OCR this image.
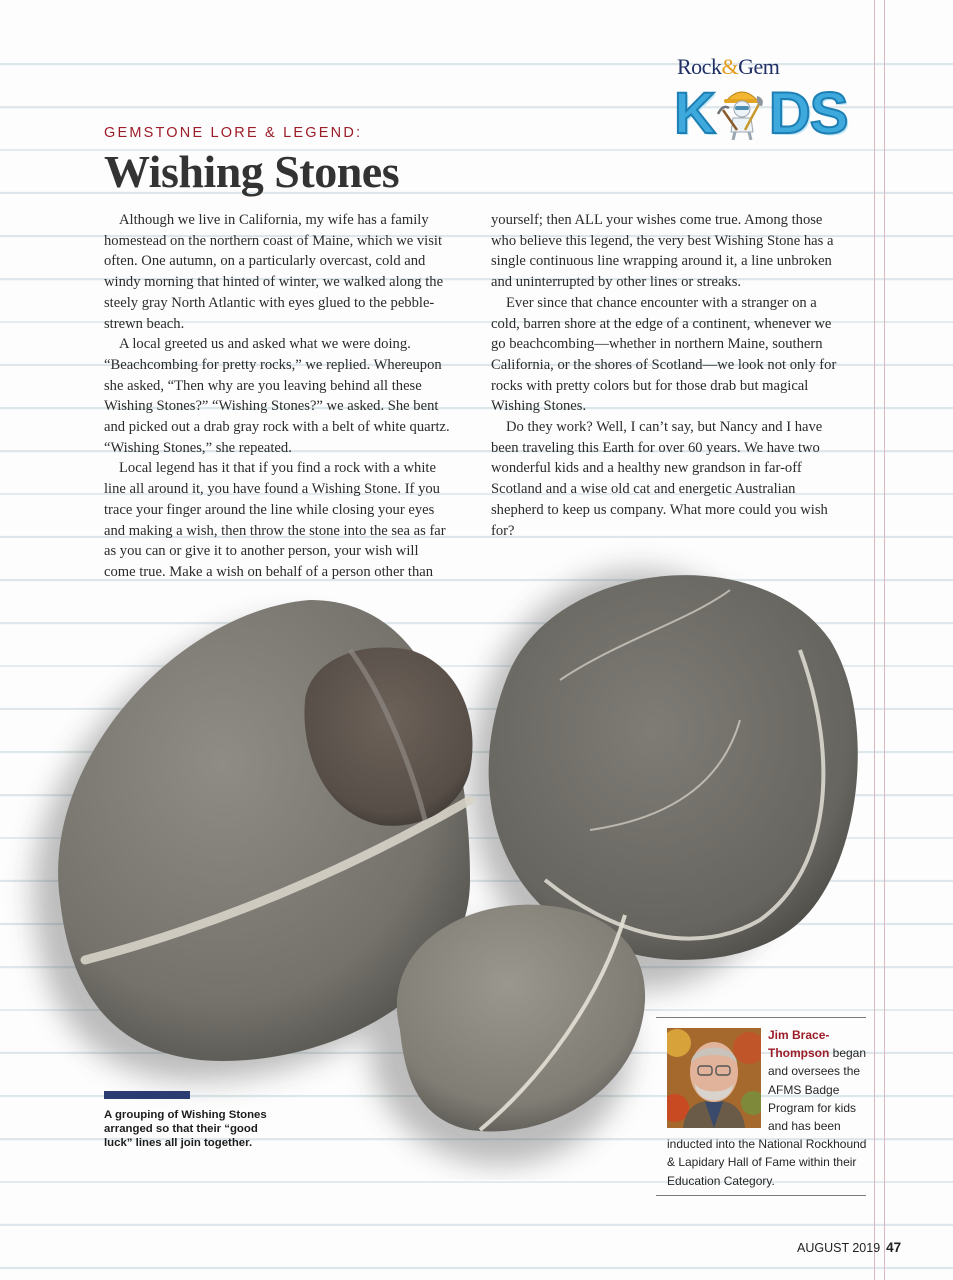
Rock&Gem
K D S
GEMSTONE LORE & LEGEND:
Wishing Stones

Although we live in California, my wife has a family homestead on the northern coast of Maine, which we visit often. One autumn, on a particularly overcast, cold and windy morning that hinted of winter, we walked along the steely gray North Atlantic with eyes glued to the pebble-strewn beach.

A local greeted us and asked what we were doing. “Beachcombing for pretty rocks,” we replied. Whereupon she asked, “Then why are you leaving behind all these Wishing Stones?” “Wishing Stones?” we asked. She bent and picked out a drab gray rock with a belt of white quartz. “Wishing Stones,” she repeated.

Local legend has it that if you find a rock with a white line all around it, you have found a Wishing Stone. If you trace your finger around the line while closing your eyes and making a wish, then throw the stone into the sea as far as you can or give it to another person, your wish will come true. Make a wish on behalf of a person other than

yourself; then ALL your wishes come true. Among those who believe this legend, the very best Wishing Stone has a single continuous line wrapping around it, a line unbroken and uninterrupted by other lines or streaks.

Ever since that chance encounter with a stranger on a cold, barren shore at the edge of a continent, whenever we go beachcombing—whether in northern Maine, southern California, or the shores of Scotland—we look not only for rocks with pretty colors but for those drab but magical Wishing Stones.

Do they work? Well, I can’t say, but Nancy and I have been traveling this Earth for over 60 years. We have two wonderful kids and a healthy new grandson in far-off Scotland and a wise old cat and energetic Australian shepherd to keep us company. What more could you wish for?

A grouping of Wishing Stones arranged so that their “good luck” lines all join together.
Jim Brace-Thompson began and oversees the AFMS Badge Program for kids and has been inducted into the National Rockhound & Lapidary Hall of Fame within their Education Category.
AUGUST 2019 47
